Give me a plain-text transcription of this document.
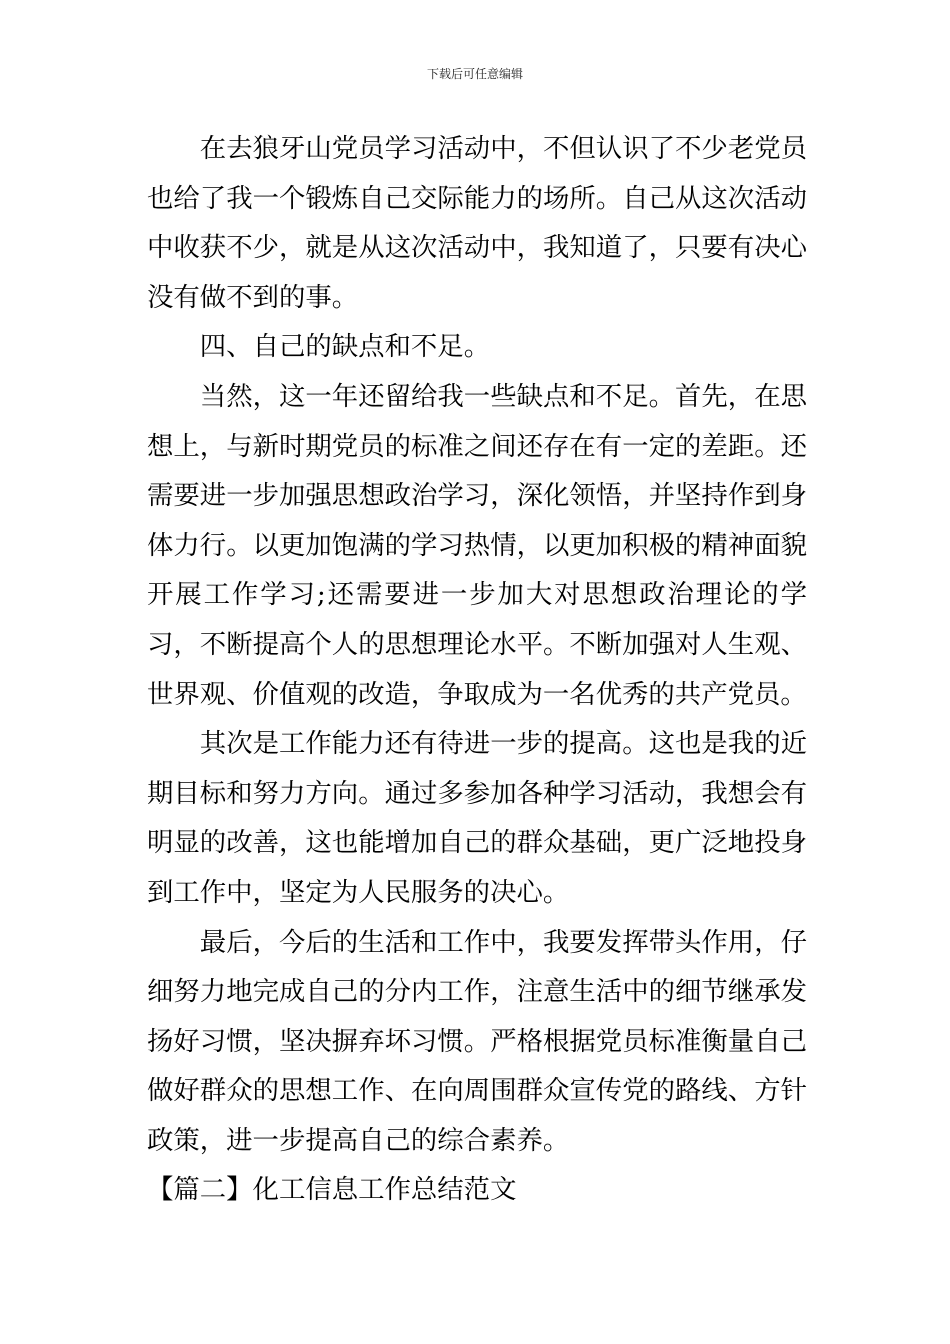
下载后可任意编辑

在去狼牙山党员学习活动中，不但认识了不少老党员也给了我一个锻炼自己交际能力的场所。自己从这次活动中收获不少，就是从这次活动中，我知道了，只要有决心没有做不到的事。

四、自己的缺点和不足。

当然，这一年还留给我一些缺点和不足。首先，在思想上，与新时期党员的标准之间还存在有一定的差距。还需要进一步加强思想政治学习，深化领悟，并坚持作到身体力行。以更加饱满的学习热情，以更加积极的精神面貌开展工作学习;还需要进一步加大对思想政治理论的学习，不断提高个人的思想理论水平。不断加强对人生观、世界观、价值观的改造，争取成为一名优秀的共产党员。

其次是工作能力还有待进一步的提高。这也是我的近期目标和努力方向。通过多参加各种学习活动，我想会有明显的改善，这也能增加自己的群众基础，更广泛地投身到工作中，坚定为人民服务的决心。

最后，今后的生活和工作中，我要发挥带头作用，仔细努力地完成自己的分内工作，注意生活中的细节继承发扬好习惯，坚决摒弃坏习惯。严格根据党员标准衡量自己做好群众的思想工作、在向周围群众宣传党的路线、方针政策，进一步提高自己的综合素养。

【篇二】化工信息工作总结范文
